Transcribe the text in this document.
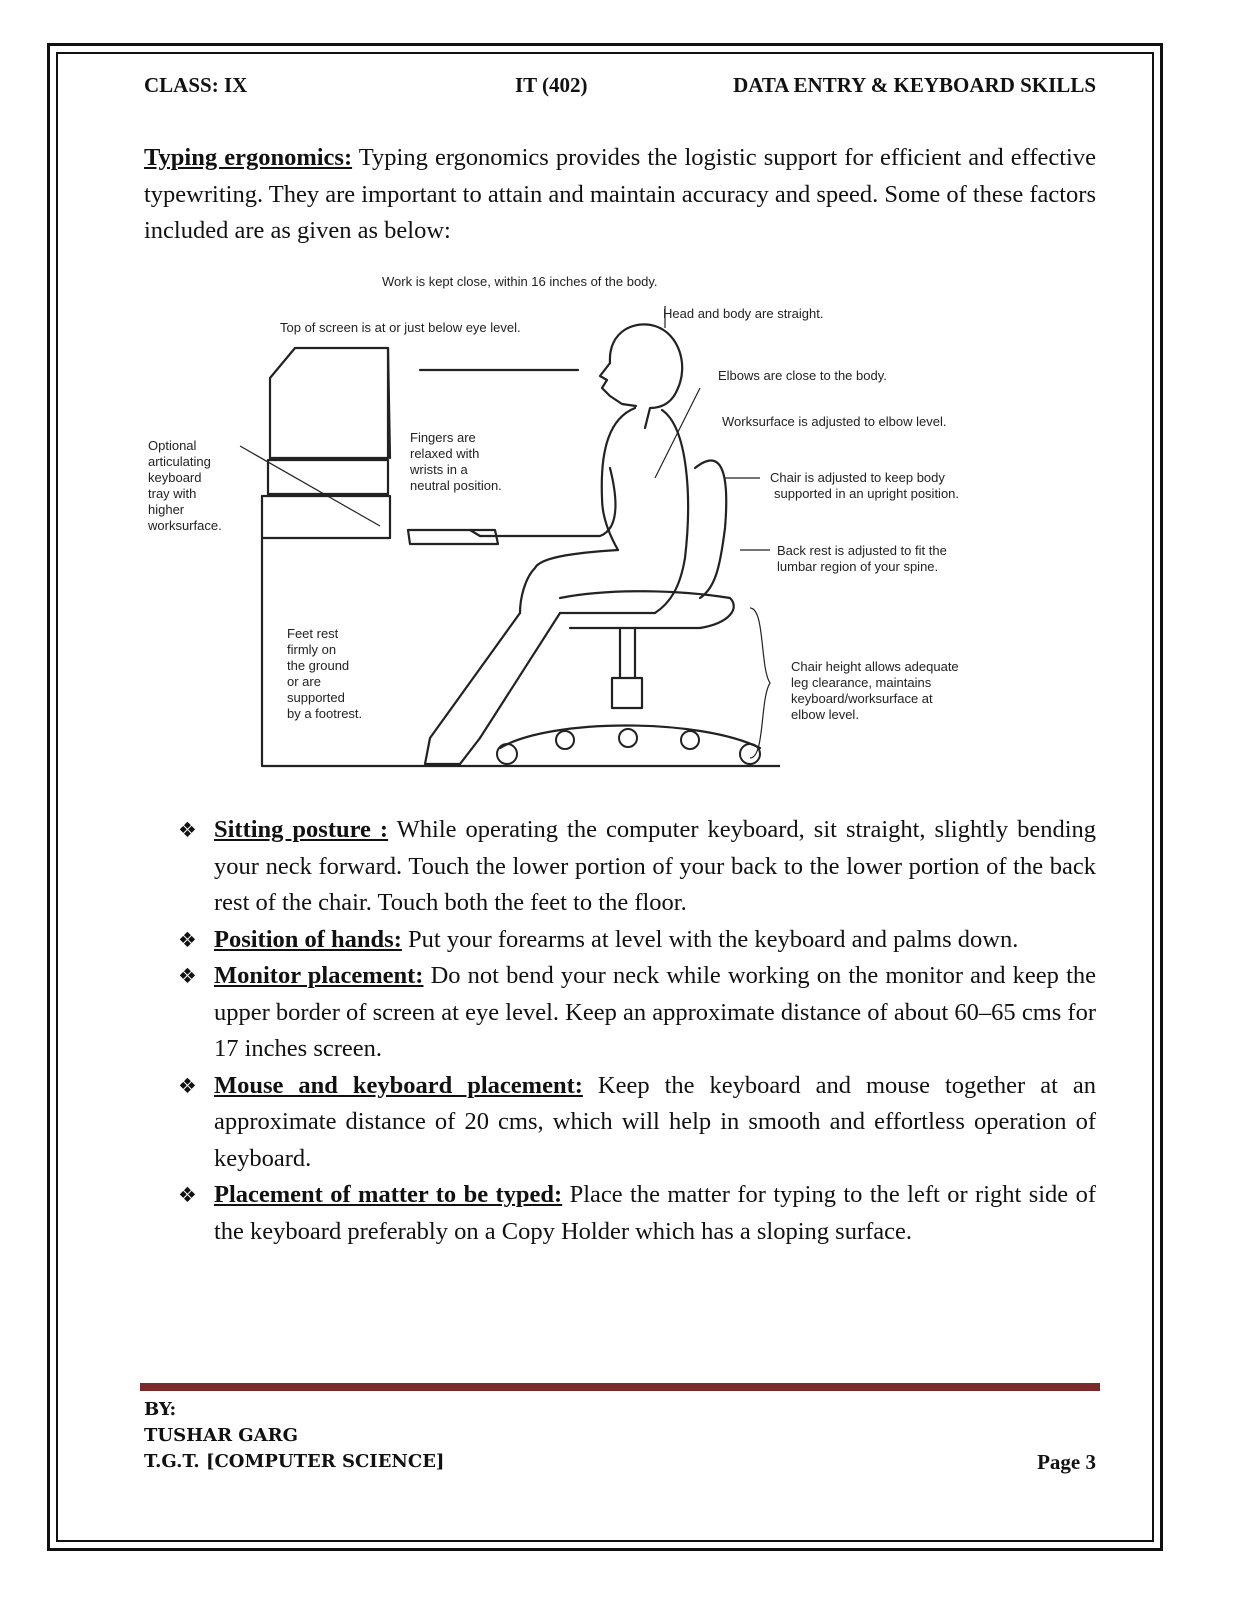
CLASS: IX	IT (402)	DATA ENTRY & KEYBOARD SKILLS

Typing ergonomics: Typing ergonomics provides the logistic support for efficient and effective typewriting. They are important to attain and maintain accuracy and speed. Some of these factors included are as given as below:

Work is kept close, within 16 inches of the body.
Head and body are straight.
Top of screen is at or just below eye level.
Elbows are close to the body.
Worksurface is adjusted to elbow level.
Optional
articulating
keyboard
tray with
higher
worksurface.
Fingers are
relaxed with
wrists in a
neutral position.
Chair is adjusted to keep body
supported in an upright position.
Back rest is adjusted to fit the
lumbar region of your spine.
Feet rest
firmly on
the ground
or are
supported
by a footrest.
Chair height allows adequate
leg clearance, maintains
keyboard/worksurface at
elbow level.
❖ Sitting posture : While operating the computer keyboard, sit straight, slightly bending your neck forward. Touch the lower portion of your back to the lower portion of the back rest of the chair. Touch both the feet to the floor.
❖ Position of hands: Put your forearms at level with the keyboard and palms down.
❖ Monitor placement: Do not bend your neck while working on the monitor and keep the upper border of screen at eye level. Keep an approximate distance of about 60–65 cms for 17 inches screen.
❖ Mouse and keyboard placement: Keep the keyboard and mouse together at an approximate distance of 20 cms, which will help in smooth and effortless operation of keyboard.
❖ Placement of matter to be typed: Place the matter for typing to the left or right side of the keyboard preferably on a Copy Holder which has a sloping surface.
BY:
TUSHAR GARG
T.G.T. [COMPUTER SCIENCE]	Page 3
